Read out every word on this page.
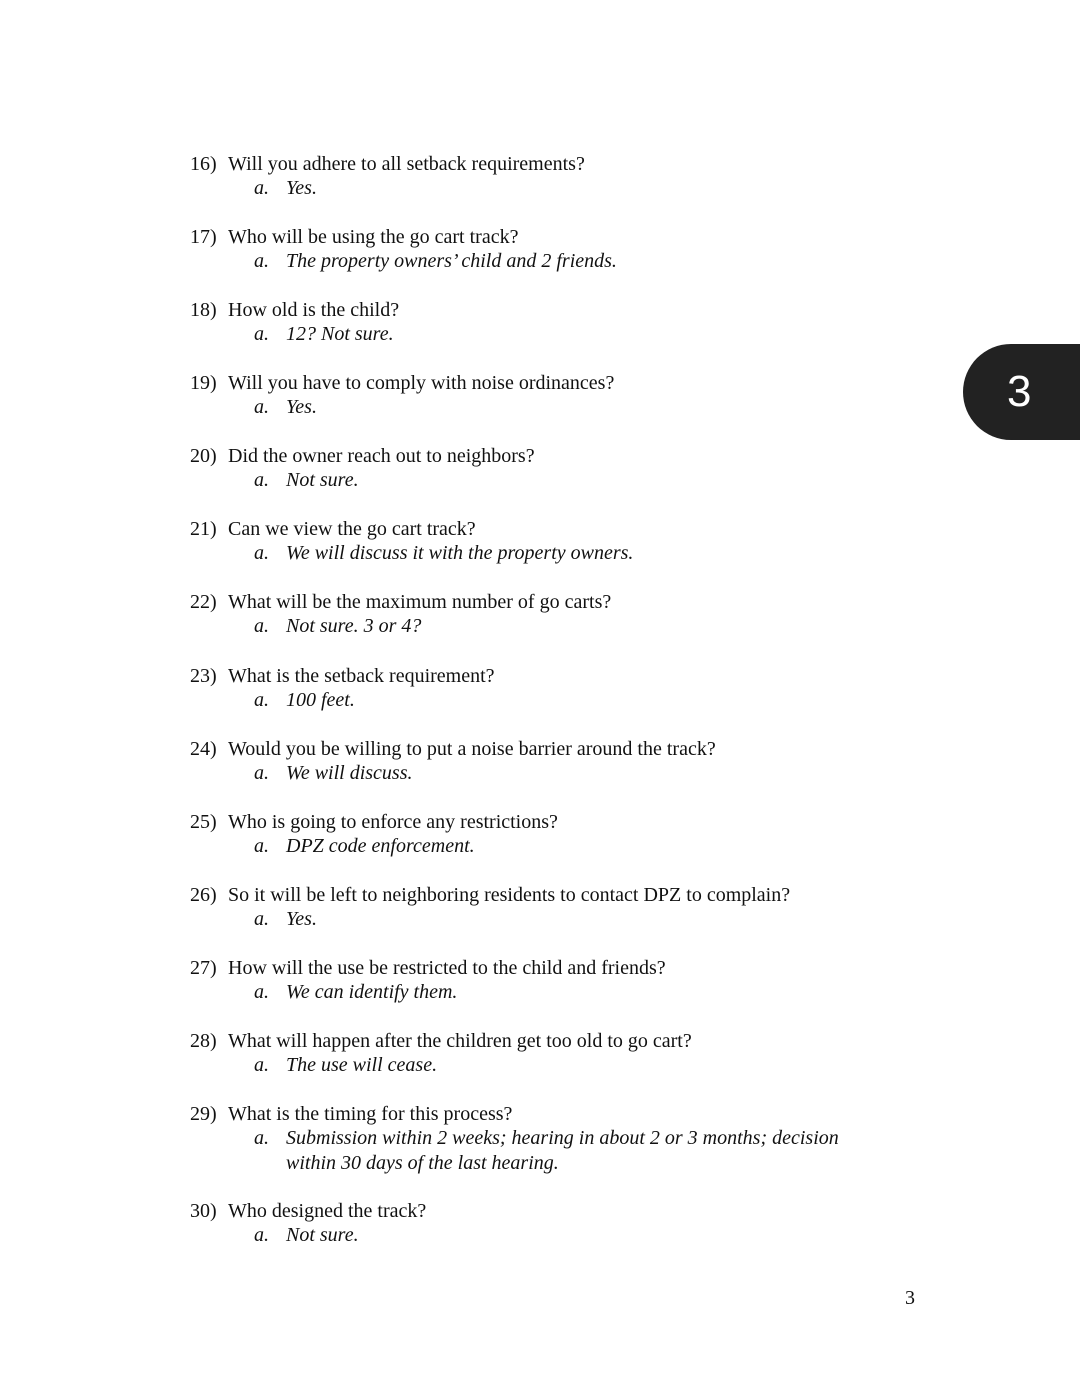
16) Will you adhere to all setback requirements?
a. Yes.
17) Who will be using the go cart track?
a. The property owners’ child and 2 friends.
18) How old is the child?
a. 12? Not sure.
19) Will you have to comply with noise ordinances?
a. Yes.
20) Did the owner reach out to neighbors?
a. Not sure.
21) Can we view the go cart track?
a. We will discuss it with the property owners.
22) What will be the maximum number of go carts?
a. Not sure. 3 or 4?
23) What is the setback requirement?
a. 100 feet.
24) Would you be willing to put a noise barrier around the track?
a. We will discuss.
25) Who is going to enforce any restrictions?
a. DPZ code enforcement.
26) So it will be left to neighboring residents to contact DPZ to complain?
a. Yes.
27) How will the use be restricted to the child and friends?
a. We can identify them.
28) What will happen after the children get too old to go cart?
a. The use will cease.
29) What is the timing for this process?
a. Submission within 2 weeks; hearing in about 2 or 3 months; decision within 30 days of the last hearing.
30) Who designed the track?
a. Not sure.
3
3
